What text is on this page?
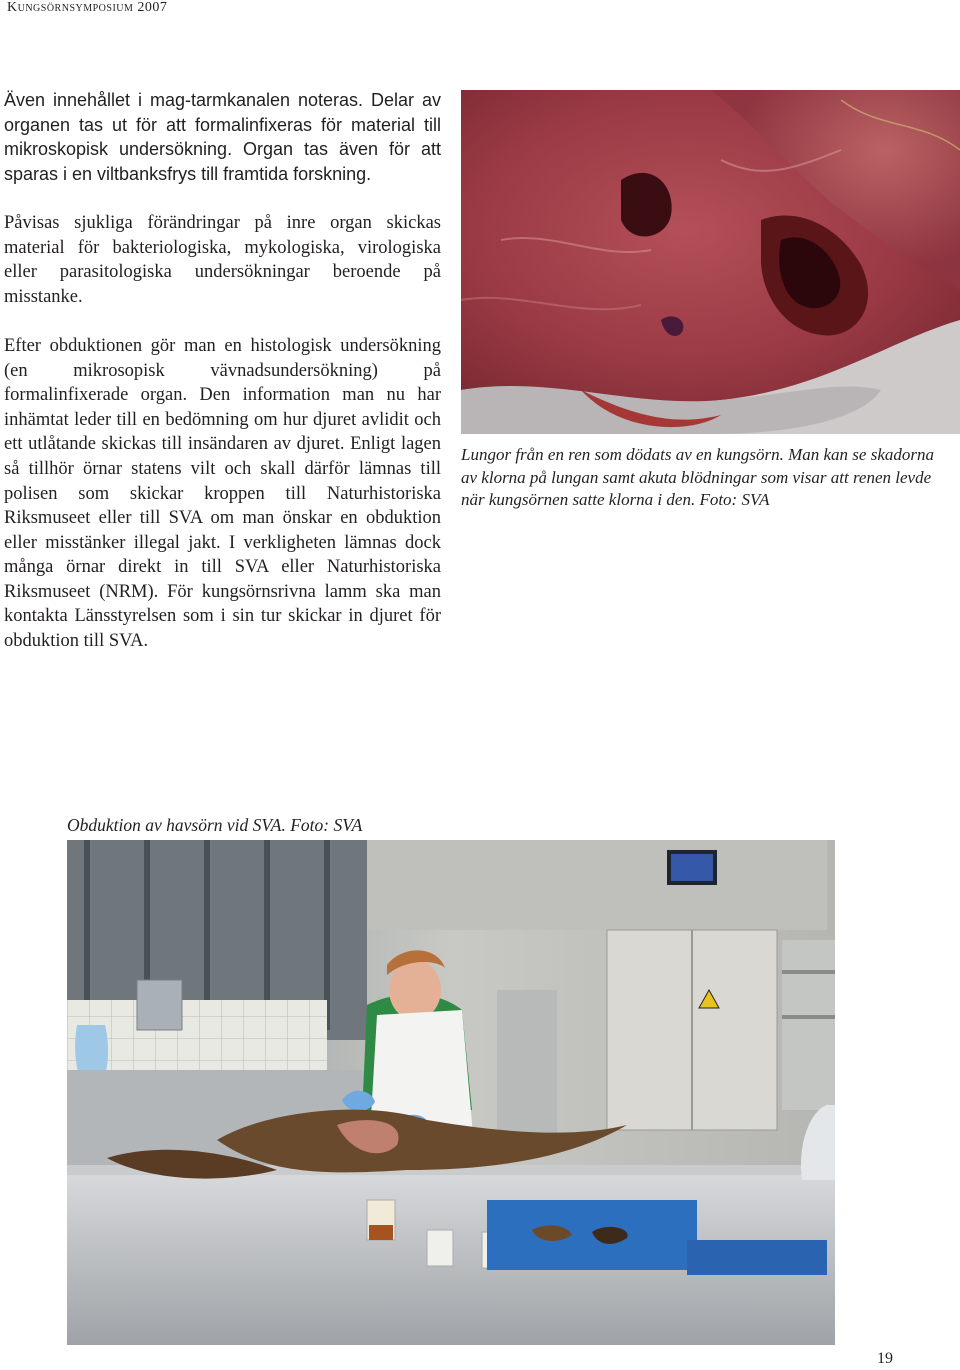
Kungsörnsymposium 2007

Även innehållet i mag-tarmkanalen noteras. Delar av organen tas ut för att formalinfixeras för material till mikroskopisk undersökning. Organ tas även för att sparas i en viltbanksfrys till framtida forskning.

Påvisas sjukliga förändringar på inre organ skickas material för bakteriologiska, mykologiska, virologiska eller parasitologiska undersökningar beroende på misstanke.

Efter obduktionen gör man en histologisk undersökning (en mikrosopisk vävnadsundersökning) på formalinfixerade organ. Den information man nu har inhämtat leder till en bedömning om hur djuret avlidit och ett utlåtande skickas till insändaren av djuret. Enligt lagen så tillhör örnar statens vilt och skall därför lämnas till polisen som skickar kroppen till Naturhistoriska Riksmuseet eller till SVA om man önskar en obduktion eller misstänker illegal jakt. I verkligheten lämnas dock många örnar direkt in till SVA eller Naturhistoriska Riksmuseet (NRM). För kungsörnsrivna lamm ska man kontakta Länsstyrelsen som i sin tur skickar in djuret för obduktion till SVA.

Lungor från en ren som dödats av en kungsörn. Man kan se skadorna av klorna på lungan samt akuta blödningar som visar att renen levde när kungsörnen satte klorna i den. Foto: SVA
Obduktion av havsörn vid SVA. Foto: SVA
19
